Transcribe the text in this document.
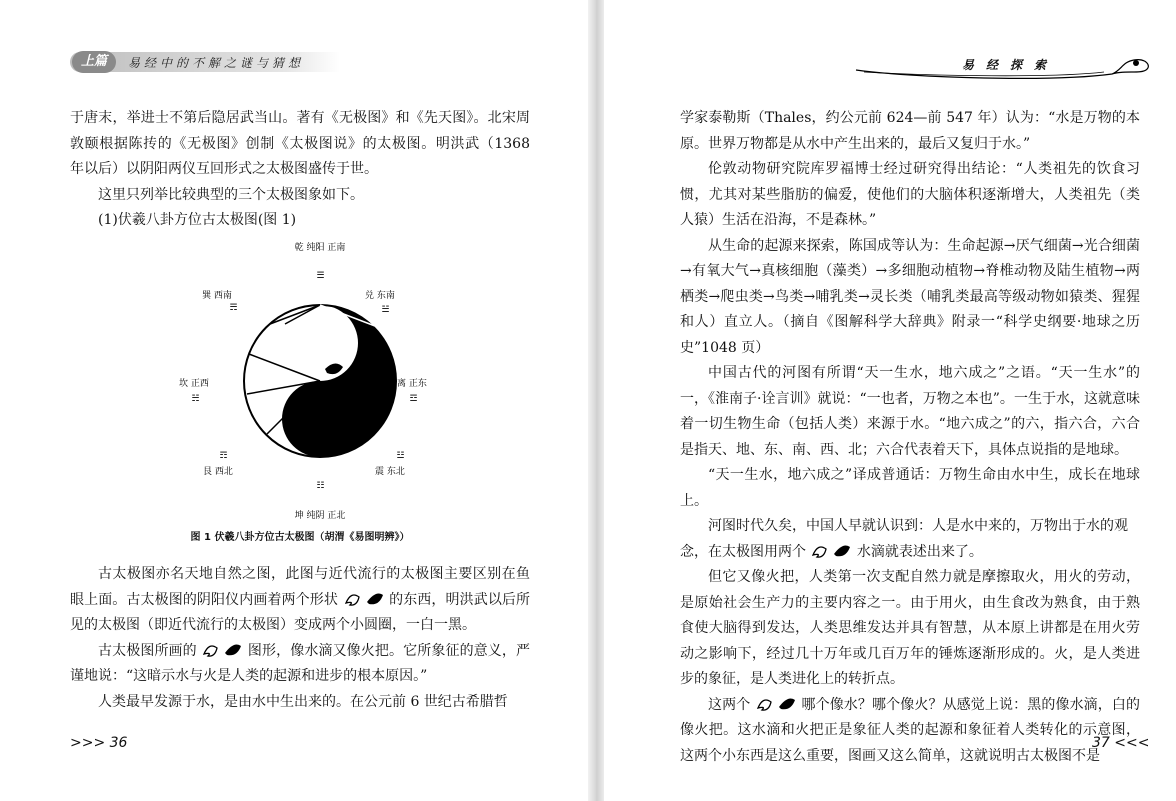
上篇	易经中的不解之谜与猜想

于唐末，举进士不第后隐居武当山。著有《无极图》和《先天图》。北宋周敦颐根据陈抟的《无极图》创制《太极图说》的太极图。明洪武（1368 年以后）以阴阳两仪互回形式之太极图盛传于世。

这里只列举比较典型的三个太极图象如下。

(1)伏羲八卦方位古太极图(图 1)

乾 纯阳 正南
☰
巽 西南
☴
坎 正西
☵
艮 西北
☶
坤 纯阴 正北
☷
震 东北
☳
离 正东
☲
兑 东南
☱
图 1 伏羲八卦方位古太极图（胡渭《易图明辨》）

古太极图亦名天地自然之图，此图与近代流行的太极图主要区别在鱼眼上面。古太极图的阴阳仪内画着两个形状	的东西，明洪武以后所见的太极图（即近代流行的太极图）变成两个小圆圈，一白一黑。

古太极图所画的	图形，像水滴又像火把。它所象征的意义，严谨地说：“这暗示水与火是人类的起源和进步的根本原因。”

人类最早发源于水，是由水中生出来的。在公元前 6 世纪古希腊哲

>>> 36
易经探索

学家泰勒斯（Thales，约公元前 624—前 547 年）认为：“水是万物的本原。世界万物都是从水中产生出来的，最后又复归于水。”

伦敦动物研究院库罗福博士经过研究得出结论：“人类祖先的饮食习惯，尤其对某些脂肪的偏爱，使他们的大脑体积逐渐增大，人类祖先（类人猿）生活在沿海，不是森林。”

从生命的起源来探索，陈国成等认为：生命起源→厌气细菌→光合细菌→有氧大气→真核细胞（藻类）→多细胞动植物→脊椎动物及陆生植物→两栖类→爬虫类→鸟类→哺乳类→灵长类（哺乳类最高等级动物如猿类、猩猩和人）直立人。（摘自《图解科学大辞典》附录一“科学史纲要·地球之历史”1048 页）

中国古代的河图有所谓“天一生水，地六成之”之语。“天一生水”的一，《淮南子·诠言训》就说：“一也者，万物之本也”。一生于水，这就意味着一切生物生命（包括人类）来源于水。“地六成之”的六，指六合，六合是指天、地、东、南、西、北；六合代表着天下，具体点说指的是地球。

“天一生水，地六成之”译成普通话：万物生命由水中生，成长在地球上。

河图时代久矣，中国人早就认识到：人是水中来的，万物出于水的观

念，在太极图用两个	水滴就表述出来了。

但它又像火把，人类第一次支配自然力就是摩擦取火，用火的劳动，是原始社会生产力的主要内容之一。由于用火，由生食改为熟食，由于熟食使大脑得到发达，人类思维发达并具有智慧，从本原上讲都是在用火劳动之影响下，经过几十万年或几百万年的锤炼逐渐形成的。火，是人类进步的象征，是人类进化上的转折点。

这两个	哪个像水？哪个像火？从感觉上说：黑的像水滴，白的像火把。这水滴和火把正是象征人类的起源和象征着人类转化的示意图，这两个小东西是这么重要，图画又这么简单，这就说明古太极图不是

37 <<<
